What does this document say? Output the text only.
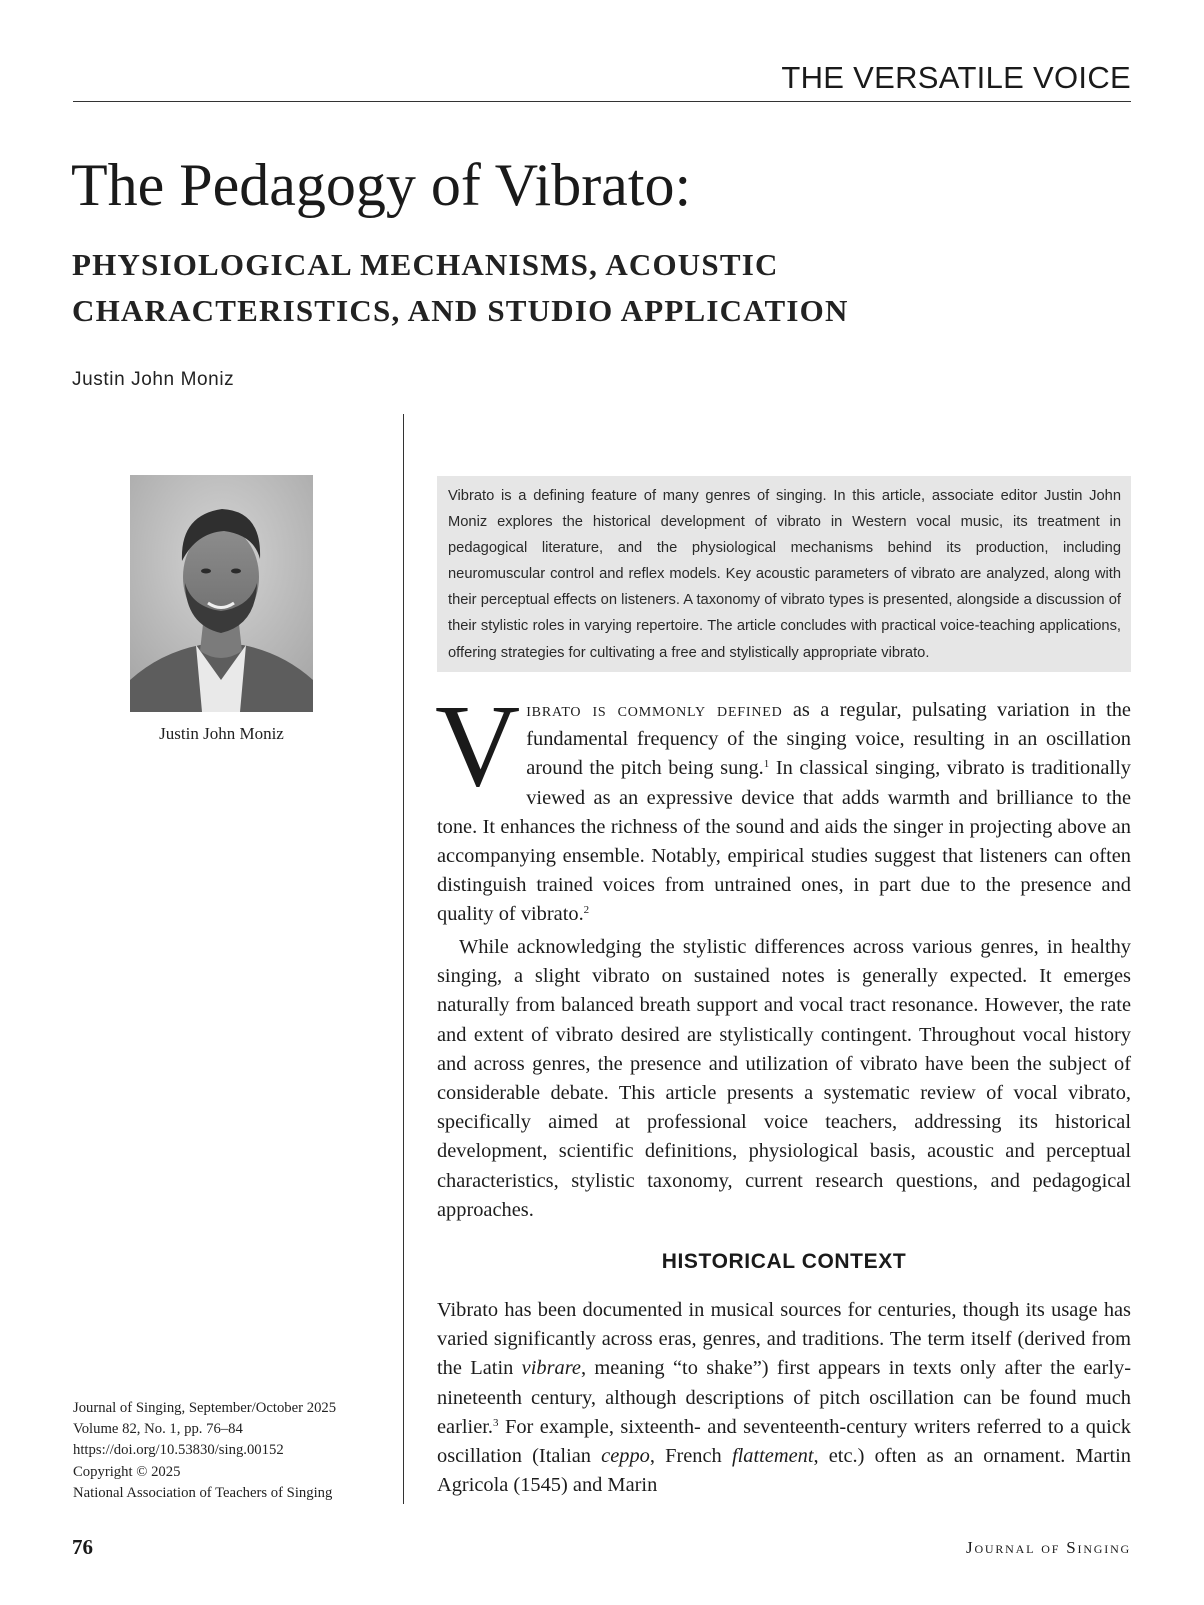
THE VERSATILE VOICE
The Pedagogy of Vibrato:
PHYSIOLOGICAL MECHANISMS, ACOUSTIC
CHARACTERISTICS, AND STUDIO APPLICATION
Justin John Moniz
Justin John Moniz

Vibrato is a defining feature of many genres of singing. In this article, associate editor Justin John Moniz explores the historical development of vibrato in Western vocal music, its treatment in pedagogical literature, and the physiological mechanisms behind its production, including neuromuscular control and reflex models. Key acoustic parameters of vibrato are analyzed, along with their perceptual effects on listeners. A taxonomy of vibrato types is presented, alongside a discussion of their stylistic roles in varying repertoire. The article concludes with practical voice-teaching applications, offering strategies for cultivating a free and stylistically appropriate vibrato.

Vibrato is commonly defined as a regular, pulsating variation in the fundamental frequency of the singing voice, resulting in an oscillation around the pitch being sung.$^1$ In classical singing, vibrato is traditionally viewed as an expressive device that adds warmth and brilliance to the tone. It enhances the richness of the sound and aids the singer in projecting above an accompanying ensemble. Notably, empirical studies suggest that listeners can often distinguish trained voices from untrained ones, in part due to the presence and quality of vibrato.$^2$

While acknowledging the stylistic differences across various genres, in healthy singing, a slight vibrato on sustained notes is generally expected. It emerges naturally from balanced breath support and vocal tract resonance. However, the rate and extent of vibrato desired are stylistically contingent. Throughout vocal history and across genres, the presence and utilization of vibrato have been the subject of considerable debate. This article presents a systematic review of vocal vibrato, specifically aimed at professional voice teachers, addressing its historical development, scientific definitions, physiological basis, acoustic and perceptual characteristics, stylistic taxonomy, current research questions, and pedagogical approaches.

HISTORICAL CONTEXT

Vibrato has been documented in musical sources for centuries, though its usage has varied significantly across eras, genres, and traditions. The term itself (derived from the Latin vibrare, meaning “to shake”) first appears in texts only after the early-nineteenth century, although descriptions of pitch oscillation can be found much earlier.$^3$ For example, sixteenth- and seventeenth-century writers referred to a quick oscillation (Italian ceppo, French flattement, etc.) often as an ornament. Martin Agricola (1545) and Marin

Journal of Singing, September/October 2025
Volume 82, No. 1, pp. 76–84
https://doi.org/10.53830/sing.00152
Copyright © 2025
National Association of Teachers of Singing
76	Journal of Singing
